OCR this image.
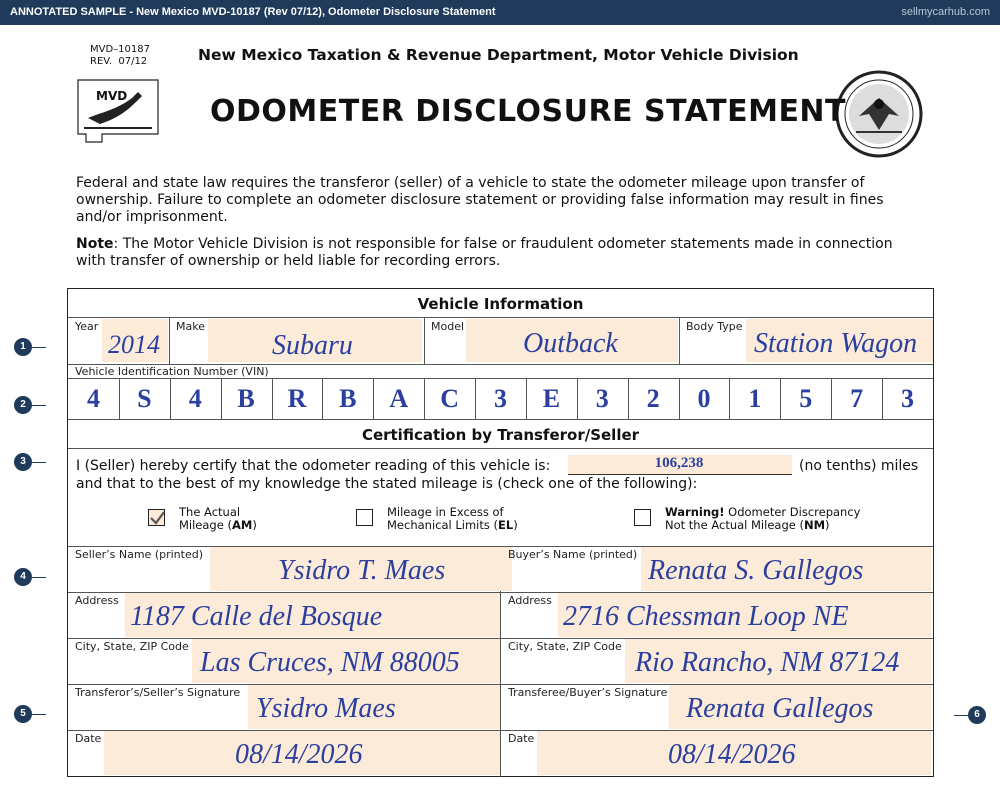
ANNOTATED SAMPLE - New Mexico MVD-10187 (Rev 07/12), Odometer Disclosure Statement	sellmycarhub.com
MVD–10187
REV.  07/12
MVD
New Mexico Taxation & Revenue Department, Motor Vehicle Division
ODOMETER DISCLOSURE STATEMENT
Federal and state law requires the transferor (seller) of a vehicle to state the odometer mileage upon transfer of ownership. Failure to complete an odometer disclosure statement or providing false information may result in fines and/or imprisonment.
Note: The Motor Vehicle Division is not responsible for false or fraudulent odometer statements made in connection with transfer of ownership or held liable for recording errors.
Vehicle Information
Year
2014
Make
Subaru
Model
Outback
Body Type
Station Wagon
Vehicle Identification Number (VIN)
4	S	4	B	R	B	A	C	3	E	3	2	0	1	5	7	3
Certification by Transferor/Seller
106,238
I (Seller) hereby certify that the odometer reading of this vehicle is:	(no tenths) miles
and that to the best of my knowledge the stated mileage is (check one of the following):
The Actual
Mileage (AM)
Mileage in Excess of
Mechanical Limits (EL)
Warning! Odometer Discrepancy
Not the Actual Mileage (NM)
Seller’s Name (printed)
Ysidro T. Maes
Buyer’s Name (printed)
Renata S. Gallegos
Address
1187 Calle del Bosque
Address
2716 Chessman Loop NE
City, State, ZIP Code
Las Cruces, NM 88005
City, State, ZIP Code
Rio Rancho, NM 87124
Transferor’s/Seller’s Signature
Ysidro Maes
Transferee/Buyer’s Signature
Renata Gallegos
Date
08/14/2026
Date
08/14/2026
1
2
3
4
5	6
